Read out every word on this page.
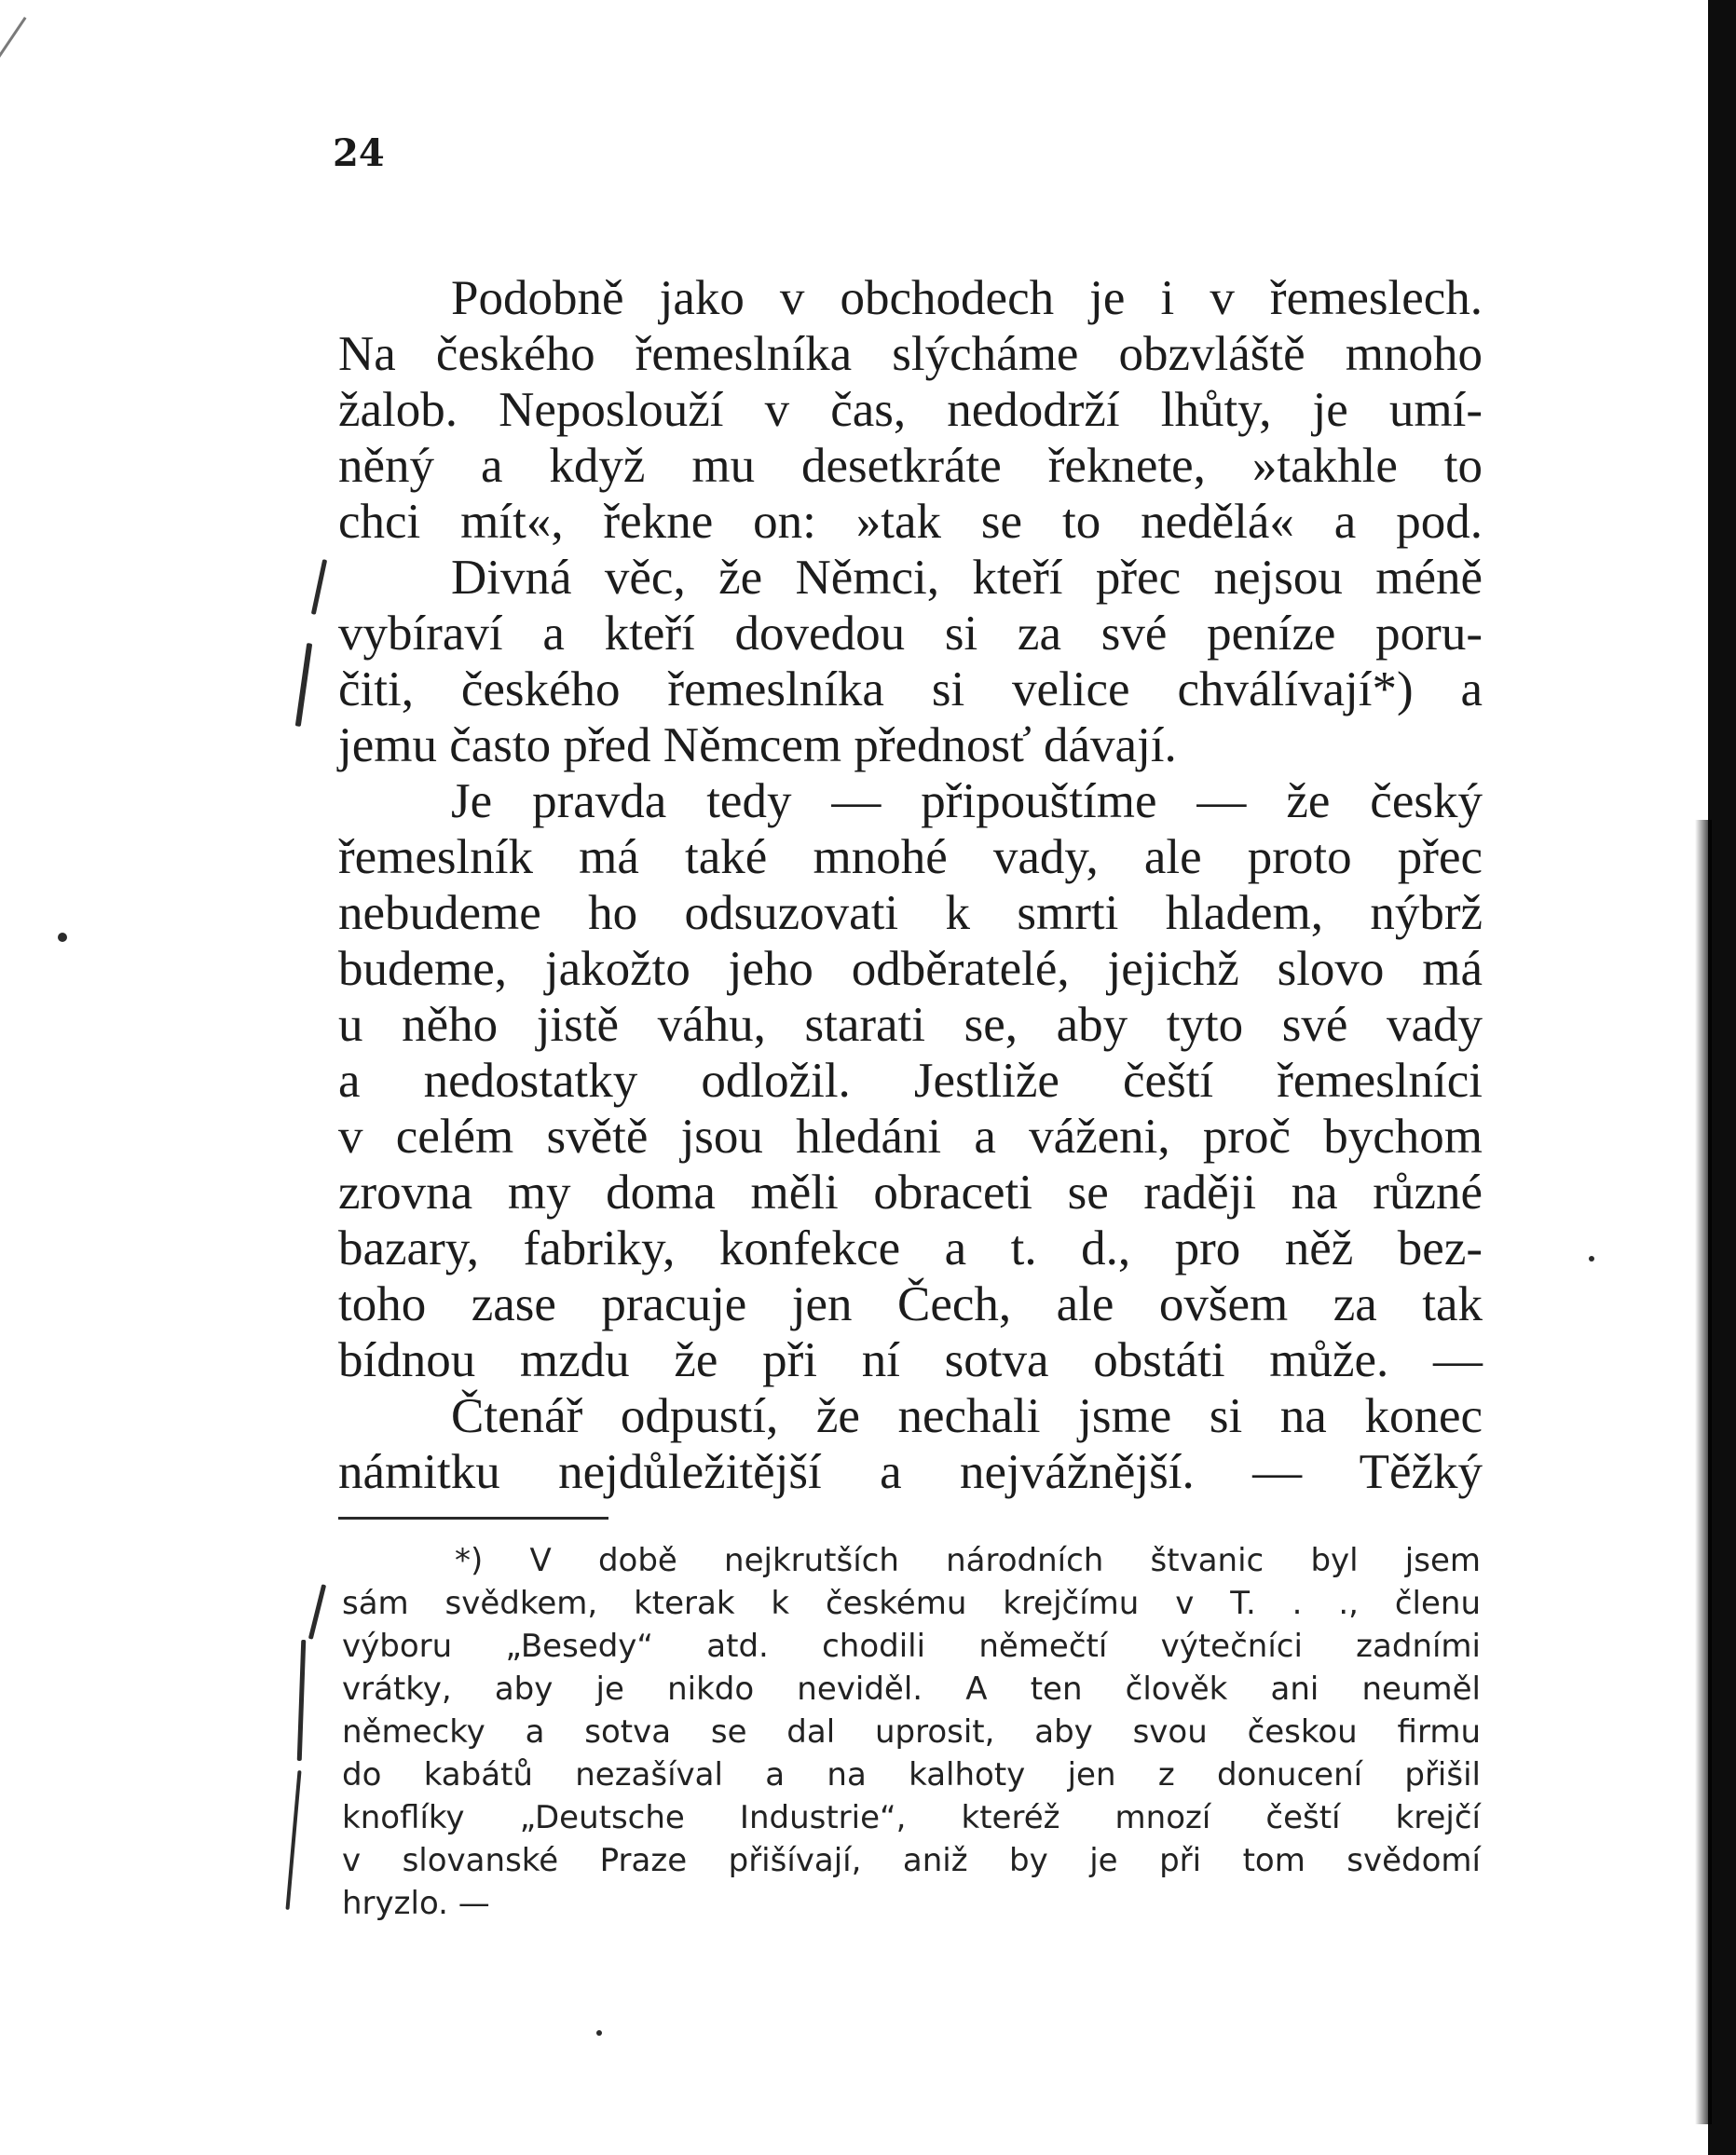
24
Podobně jako v obchodech je i v řemeslech.
Na českého řemeslníka slýcháme obzvláště mnoho
žalob. Neposlouží v čas, nedodrží lhůty, je umí-
něný a když mu desetkráte řeknete, »takhle to
chci mít«, řekne on: »tak se to nedělá« a pod.
Divná věc, že Němci, kteří přec nejsou méně
vybíraví a kteří dovedou si za své peníze poru-
čiti, českého řemeslníka si velice chválívají*) a
jemu často před Němcem přednosť dávají.
Je pravda tedy — připouštíme — že český
řemeslník má také mnohé vady, ale proto přec
nebudeme ho odsuzovati k smrti hladem, nýbrž
budeme, jakožto jeho odběratelé, jejichž slovo má
u něho jistě váhu, starati se, aby tyto své vady
a nedostatky odložil. Jestliže čeští řemeslníci
v celém světě jsou hledáni a váženi, proč bychom
zrovna my doma měli obraceti se raději na různé
bazary, fabriky, konfekce a t. d., pro něž bez-
toho zase pracuje jen Čech, ale ovšem za tak
bídnou mzdu že při ní sotva obstáti může. —
Čtenář odpustí, že nechali jsme si na konec
námitku nejdůležitější a nejvážnější. — Těžký
*) V době nejkrutších národních štvanic byl jsem
sám svědkem, kterak k českému krejčímu v T. . ., členu
výboru „Besedy“ atd. chodili němečtí výtečníci zadními
vrátky, aby je nikdo neviděl. A ten člověk ani neuměl
německy a sotva se dal uprosit, aby svou českou firmu
do kabátů nezašíval a na kalhoty jen z donucení přišil
knoflíky „Deutsche Industrie“, kteréž mnozí čeští krejčí
v slovanské Praze přišívají, aniž by je při tom svědomí
hryzlo. —
